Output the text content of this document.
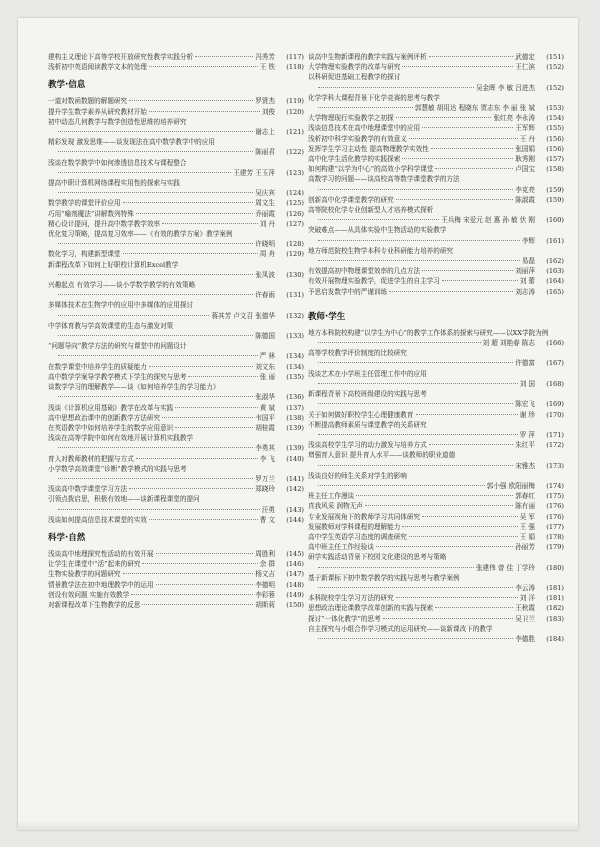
建构主义理论下高等学校开放研究性教学实践分析	冯秀芳	(117)
浅析初中英语阅读教学文本的处理	王 铁	(118)
教学·信息
一道对数函数题的解题研究	罗贤杰	(119)
提升学生数学素养从研究教材开始	刘俊	(120)
初中动态几何教学与数学创造性思维的培养研究
谢志上	(121)
精彩发现 激发思维——谈发现法在高中数学教学中的应用
陈丽君	(122)
浅谈在数学教学中如何渗透信息技术与课程整合
王建芳 王玉萍	(123)
提高中职计算机网络课程实用性的探索与实践
吴庆宾	(124)
数学教学的课堂评价应用	周文生	(125)
巧用“喻剂魔法”讲解数列特殊	乔丽霞	(126)
精心设计提问，提升高中数学教学效率	刘 丹	(127)
优化复习策略，提高复习效率——《有效的教学方案》教学案例
许晓明	(128)
数化学习，构建新型课堂	周 舟	(129)
新课程改革下如何上好职校计算机Excel教学
张凤波	(130)
兴趣起点 有效学习——谈小学数学教学的有效策略
许春雨	(131)
多媒体技术在生物学中的应用中多媒体的应用探讨
蒋其芳 卢文召 张德华	(132)
中学体育教与学高效课堂的生态与激发对策
陈德国	(133)
“问题导向”教学方法的研究与课堂中的问题设计
严 林	(134)
在数学课堂中培养学生的质疑能力	刘文东	(134)
高中数学学案导学教学模式下学生的探究与思考	张 丽	(135)
谈数学学习的理解教学——谈《如何培养学生的学习能力》
张淑华	(136)
浅谈《计算机应用基础》教学在改革与实践	黄 斌	(137)
高中思想政治课中的创新教学方法研究	韦国平	(138)
在英语教学中如何培养学生的数学应用意识	胡桂霞	(139)
浅谈在高等学院中如何有效地开展计算机实践教学
李勇其	(139)
育人对教师教材的把握与方式	李 飞	(140)
小学数学高效课堂“诊断”教学模式的实践与思考
罗万兰	(141)
浅谈高中数学课堂学习方法	郑晓玲	(142)
引领点拨启思，积极有效地——谈新课程课堂的提问
汪勇	(143)
浅谈如何提高信息技术课堂的实效	曹 文	(144)
科学·自然
浅谈高中地理探究性活动的有效开展	周胜利	(145)
让学生在课堂中“活”起来的研究	余 群	(146)
生物实验教学的问题研究	杨文吉	(147)
情景教学法在初中地理教学中的运用	李德明	(148)
创设有效问题 实施有效教学	李彩蓉	(149)
对新课程改革下生物教学的反思	胡斯莉	(150)
谈高中生物新课程的教学实践与案例评析	武德定	(151)
大学物理实验教学的改革与研究	王仁滨	(152)
以科研促进基础工程教学的探讨
吴金晖 李 敏 吕进杰	(152)
化学学科大课程背景下化学竞赛的思考与教学
郭慧敏 胡用达 程晓东 贾志东 李 丽 张 斌	(153)
大学物理现行实验教学之初探	张红亮 李永涛	(154)
浅谈信息技术在高中地理课堂中的应用	王军辉	(155)
浅析初中科学实验教学的有效意义	王 丹	(156)
发挥学生学习主动性 提高物理教学实效性	张国娟	(156)
高中化学生活化教学的实践探索	耿秀刚	(157)
如何构建“以学为中心”的高效小学科学课堂	卢国宝	(158)
高数学习的问题——谈高校高等数学课堂教学的方法
李克亮	(159)
创新高中化学课堂教学的研究	陈淑霞	(159)
高等院校化学专业创新型人才培养模式探析
王兵梅 宋爱元 赵 惠 孙 敏 伏 刚	(160)
突破难点——从具体实验中生物活动的实验教学
李辉	(161)
地方师范院校生物学本科专业科研能力培养的研究
易磊	(162)
有效提高初中物理课堂效率的几点方法	刘丽萍	(163)
有效开展物理实验教学，促进学生的自主学习	刘 蕾	(164)
予思启发数学中的严谨训练	刘志涛	(165)
教师·学生
地方本科院校构建“以学生为中心”的教学工作体系的探索与研究——以XX学院为例
刘 超 刘艳春 陈志	(166)
高等学校教学评价制度的比较研究
许德富	(167)
浅谈艺术在小学班主任管理工作中的应用
刘 国	(168)
新课程背景下高校班级建设的实践与思考
陈宏飞	(169)
关于如何做好职校学生心理健康教育	谢 珍	(170)
不断提高教师素质与课堂教学的关系研究
罗 萍	(171)
浅谈高校学生学习的动力激发与培养方式	朱红平	(172)
增强育人意识 提升育人水平——谈教师的职业道德
宋雅杰	(173)
浅谈良好的师生关系对学生的影响
郭小强 欧阳丽梅	(174)
班主任工作漫谈	郭春红	(175)
真我风采 润物无声	陈有丽	(176)
专业发展视角下的教师学习共同体研究	吴 军	(176)
发展教师对学科课程的理解能力	王 强	(177)
高中学生英语学习态度的调查研究	王 娟	(178)
高中班主任工作经验谈	孙丽芳	(179)
研学实践活动背景下校园文化建设的思考与策略
张建伟 曾 佳 丁学玲	(180)
基于新课标下初中数学教学的实践与思考与教学案例
李云涛	(181)
本科院校学生学习方法的研究	刘 洋	(181)
思想政治理论课教学改革创新的实践与探索	王秋霞	(182)
探讨“一体化教学”的思考	吴卫兰	(183)
自主探究与小组合作学习模式的运用研究——谈新课改下的教学
李德胜	(184)
